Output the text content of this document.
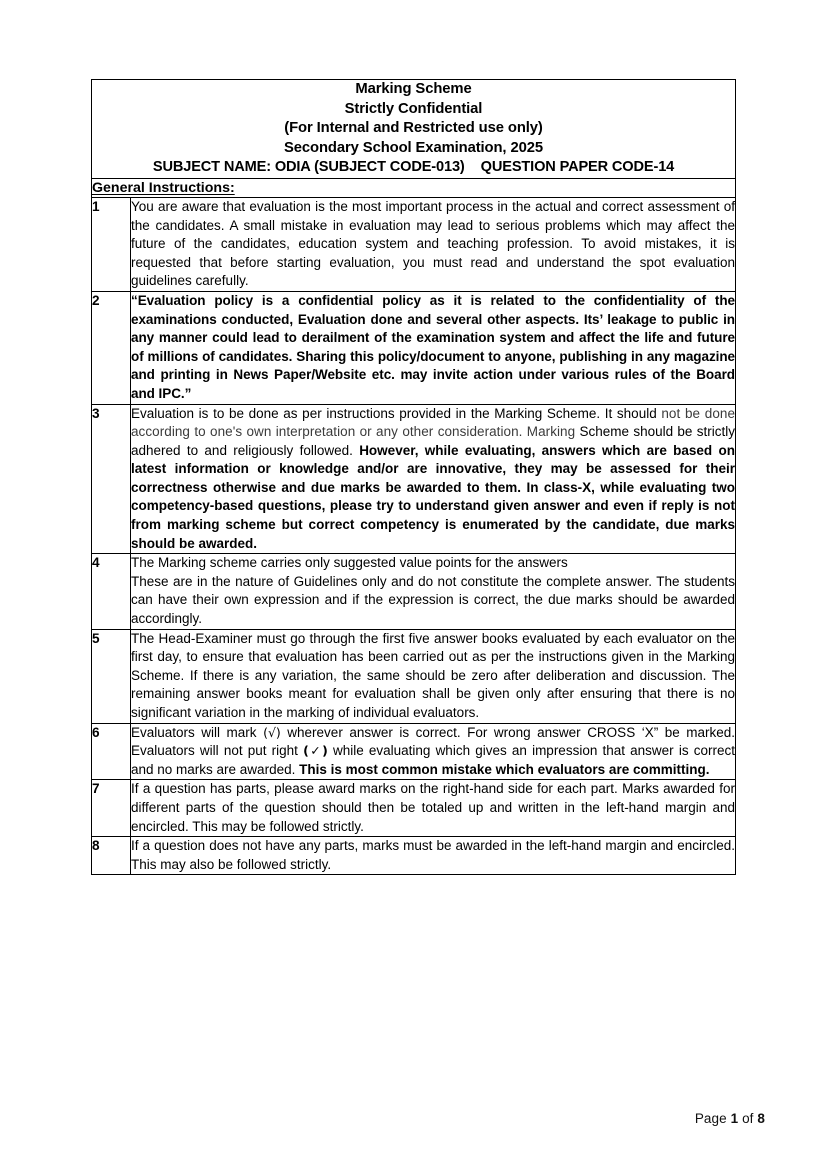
Marking Scheme
Strictly Confidential
(For Internal and Restricted use only)
Secondary School Examination, 2025
SUBJECT NAME: ODIA (SUBJECT CODE-013) QUESTION PAPER CODE-14	

General Instructions:	
1	You are aware that evaluation is the most important process in the actual and correct assessment of the candidates. A small mistake in evaluation may lead to serious problems which may affect the future of the candidates, education system and teaching profession. To avoid mistakes, it is requested that before starting evaluation, you must read and understand the spot evaluation guidelines carefully.

2	“Evaluation policy is a confidential policy as it is related to the confidentiality of the examinations conducted, Evaluation done and several other aspects. Its’ leakage to public in any manner could lead to derailment of the examination system and affect the life and future of millions of candidates. Sharing this policy/document to anyone, publishing in any magazine and printing in News Paper/Website etc. may invite action under various rules of the Board and IPC.”

3	Evaluation is to be done as per instructions provided in the Marking Scheme. It should not be done according to one's own interpretation or any other consideration. Marking Scheme should be strictly adhered to and religiously followed. However, while evaluating, answers which are based on latest information or knowledge and/or are innovative, they may be assessed for their correctness otherwise and due marks be awarded to them. In class-X, while evaluating two competency-based questions, please try to understand given answer and even if reply is not from marking scheme but correct competency is enumerated by the candidate, due marks should be awarded.

4	The Marking scheme carries only suggested value points for the answers

These are in the nature of Guidelines only and do not constitute the complete answer. The students can have their own expression and if the expression is correct, the due marks should be awarded accordingly.

5	The Head-Examiner must go through the first five answer books evaluated by each evaluator on the first day, to ensure that evaluation has been carried out as per the instructions given in the Marking Scheme. If there is any variation, the same should be zero after deliberation and discussion. The remaining answer books meant for evaluation shall be given only after ensuring that there is no significant variation in the marking of individual evaluators.

6	Evaluators will mark (√) wherever answer is correct. For wrong answer CROSS ‘X” be marked. Evaluators will not put right (✓) while evaluating which gives an impression that answer is correct and no marks are awarded. This is most common mistake which evaluators are committing.

7	If a question has parts, please award marks on the right-hand side for each part. Marks awarded for different parts of the question should then be totaled up and written in the left-hand margin and encircled. This may be followed strictly.

8	If a question does not have any parts, marks must be awarded in the left-hand margin and encircled. This may also be followed strictly.

Page 1 of 8
